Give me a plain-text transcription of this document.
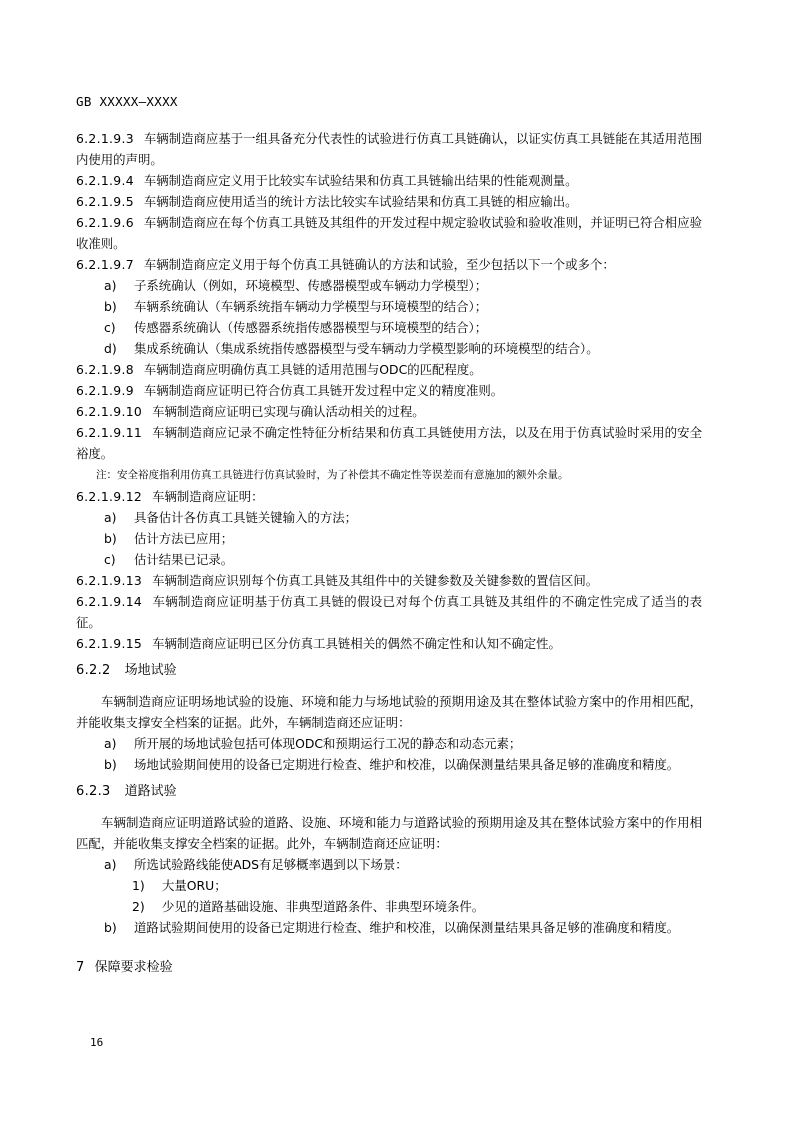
GB XXXXX—XXXX

6.2.1.9.3 车辆制造商应基于一组具备充分代表性的试验进行仿真工具链确认，以证实仿真工具链能在其适用范围内使用的声明。

6.2.1.9.4 车辆制造商应定义用于比较实车试验结果和仿真工具链输出结果的性能观测量。

6.2.1.9.5 车辆制造商应使用适当的统计方法比较实车试验结果和仿真工具链的相应输出。

6.2.1.9.6 车辆制造商应在每个仿真工具链及其组件的开发过程中规定验收试验和验收准则，并证明已符合相应验收准则。

6.2.1.9.7 车辆制造商应定义用于每个仿真工具链确认的方法和试验，至少包括以下一个或多个：

a)	子系统确认（例如，环境模型、传感器模型或车辆动力学模型）；
b)	车辆系统确认（车辆系统指车辆动力学模型与环境模型的结合）；
c)	传感器系统确认（传感器系统指传感器模型与环境模型的结合）；
d)	集成系统确认（集成系统指传感器模型与受车辆动力学模型影响的环境模型的结合）。

6.2.1.9.8 车辆制造商应明确仿真工具链的适用范围与ODC的匹配程度。

6.2.1.9.9 车辆制造商应证明已符合仿真工具链开发过程中定义的精度准则。

6.2.1.9.10 车辆制造商应证明已实现与确认活动相关的过程。

6.2.1.9.11 车辆制造商应记录不确定性特征分析结果和仿真工具链使用方法，以及在用于仿真试验时采用的安全裕度。

注：安全裕度指利用仿真工具链进行仿真试验时，为了补偿其不确定性等误差而有意施加的额外余量。

6.2.1.9.12 车辆制造商应证明：

a)	具备估计各仿真工具链关键输入的方法；
b)	估计方法已应用；
c)	估计结果已记录。

6.2.1.9.13 车辆制造商应识别每个仿真工具链及其组件中的关键参数及关键参数的置信区间。

6.2.1.9.14 车辆制造商应证明基于仿真工具链的假设已对每个仿真工具链及其组件的不确定性完成了适当的表征。

6.2.1.9.15 车辆制造商应证明已区分仿真工具链相关的偶然不确定性和认知不确定性。

6.2.2 场地试验

车辆制造商应证明场地试验的设施、环境和能力与场地试验的预期用途及其在整体试验方案中的作用相匹配，并能收集支撑安全档案的证据。此外，车辆制造商还应证明：

a)	所开展的场地试验包括可体现ODC和预期运行工况的静态和动态元素；
b)	场地试验期间使用的设备已定期进行检查、维护和校准，以确保测量结果具备足够的准确度和精度。
6.2.3 道路试验

车辆制造商应证明道路试验的道路、设施、环境和能力与道路试验的预期用途及其在整体试验方案中的作用相匹配，并能收集支撑安全档案的证据。此外，车辆制造商还应证明：

a)	所选试验路线能使ADS有足够概率遇到以下场景：
1)	大量ORU；
2)	少见的道路基础设施、非典型道路条件、非典型环境条件。
b)	道路试验期间使用的设备已定期进行检查、维护和校准，以确保测量结果具备足够的准确度和精度。
7 保障要求检验
16
